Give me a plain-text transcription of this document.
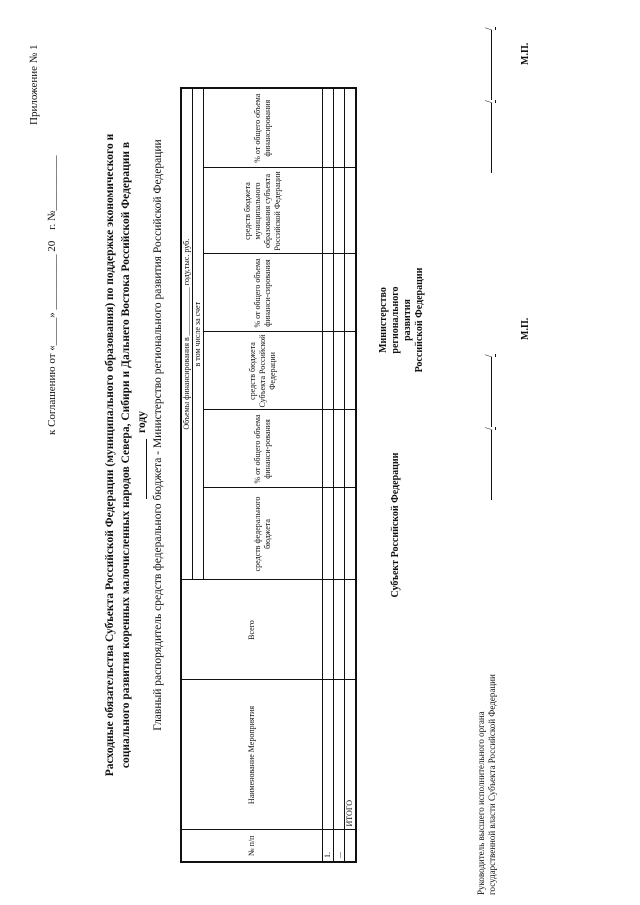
Приложение № 1
к Соглашению от «_____» __________ 20    г. №__________	Расходные обязательства Субъекта Российской Федерации (муниципального образования) по поддержке экономического и социального развития коренных малочисленных народов Севера, Сибири и Дальнего Востока Российской Федерации в году Главный распорядитель средств федерального бюджета - Министерство регионального развития Российской Федерации
№ п/п	Наименование Мероприятия	Всего	Объемы финансирования в ____________ году,тыс. руб.					
			в том числе за счет					
			средств федерального бюджета	% от общего объема финанси-рования	средств бюджета Субъекта Российской Федерации	% от общего объема финанси-сирования	средств бюджета муниципального образования субъекта Российской Федерации	% от общего объема финансирования
1.								
...								
	ИТОГО							
Министерство регионального развития Российской Федерации
Субъект Российской Федерации
Руководитель высшего исполнительного органа государственной власти Субъекта Российской Федерации
//
М.П.
//
М.П.
